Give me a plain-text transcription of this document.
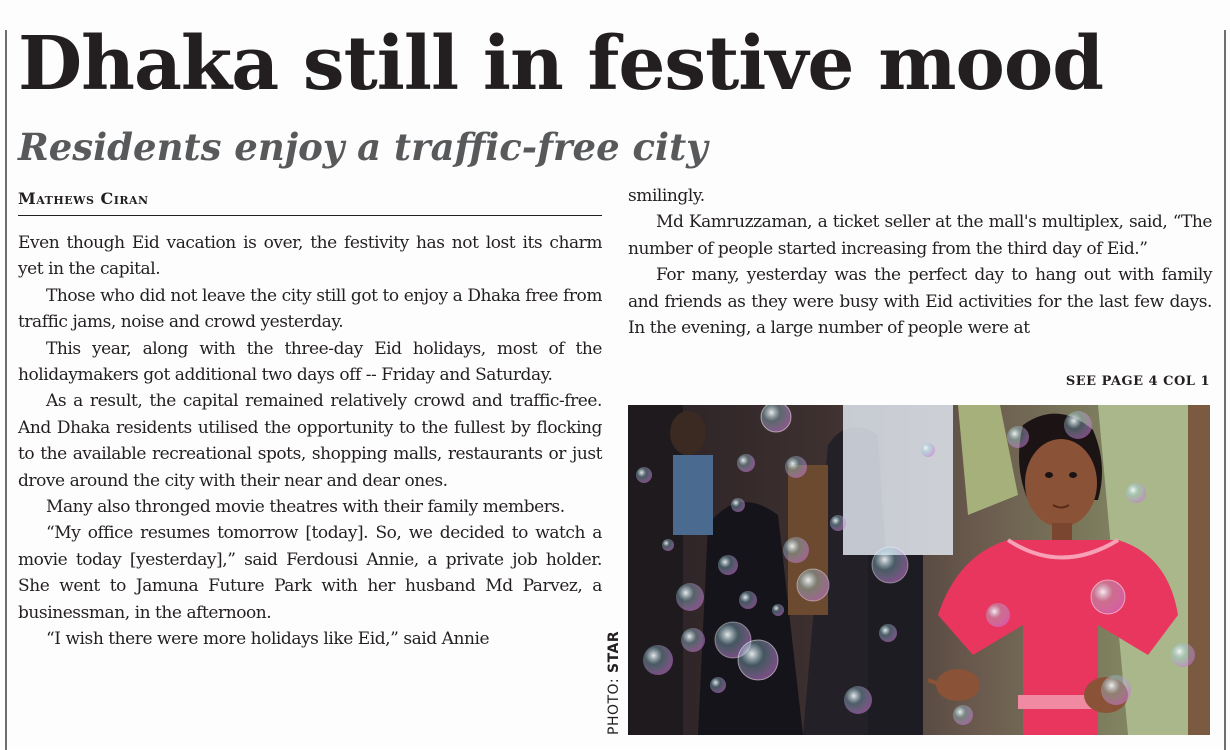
Dhaka still in festive mood
Residents enjoy a traffic-free city
Mathews Ciran

Even though Eid vacation is over, the festivity has not lost its charm yet in the capital.

Those who did not leave the city still got to enjoy a Dhaka free from traffic jams, noise and crowd yesterday.

This year, along with the three-day Eid holidays, most of the holidaymakers got additional two days off -- Friday and Saturday.

As a result, the capital remained relatively crowd and traffic-free. And Dhaka residents utilised the opportunity to the fullest by flocking to the available recreational spots, shopping malls, restaurants or just drove around the city with their near and dear ones.

Many also thronged movie theatres with their family members.

“My office resumes tomorrow [today]. So, we decided to watch a movie today [yesterday],” said Ferdousi Annie, a private job holder. She went to Jamuna Future Park with her husband Md Parvez, a businessman, in the afternoon.

“I wish there were more holidays like Eid,” said Annie

smilingly.

Md Kamruzzaman, a ticket seller at the mall's multiplex, said, “The number of people started increasing from the third day of Eid.”

For many, yesterday was the perfect day to hang out with family and friends as they were busy with Eid activities for the last few days. In the evening, a large number of people were at

SEE PAGE 4 COL 1
PHOTO: STAR
